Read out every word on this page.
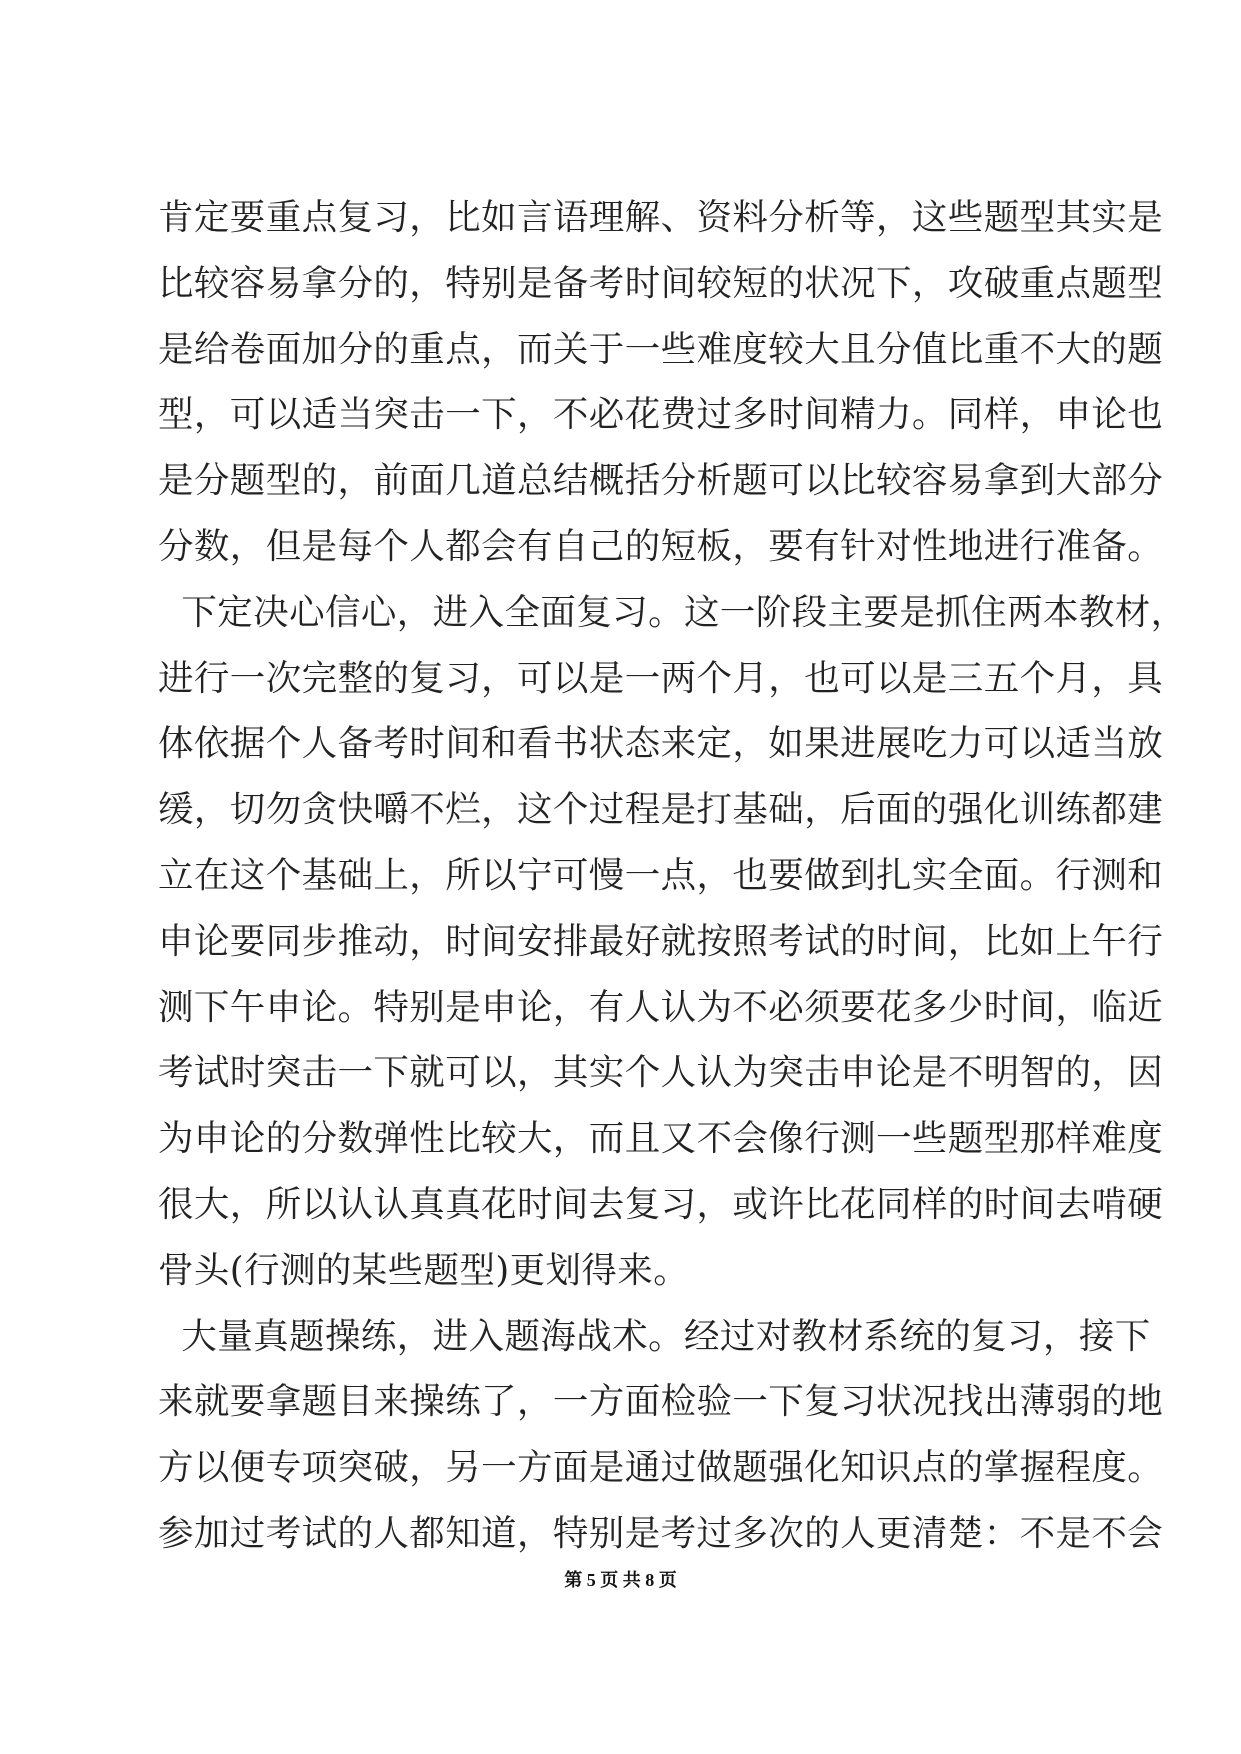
肯定要重点复习，比如言语理解、资料分析等，这些题型其实是
比较容易拿分的，特别是备考时间较短的状况下，攻破重点题型
是给卷面加分的重点，而关于一些难度较大且分值比重不大的题
型，可以适当突击一下，不必花费过多时间精力。同样，申论也
是分题型的，前面几道总结概括分析题可以比较容易拿到大部分
分数，但是每个人都会有自己的短板，要有针对性地进行准备。
下定决心信心，进入全面复习。这一阶段主要是抓住两本教材，
进行一次完整的复习，可以是一两个月，也可以是三五个月，具
体依据个人备考时间和看书状态来定，如果进展吃力可以适当放
缓，切勿贪快嚼不烂，这个过程是打基础，后面的强化训练都建
立在这个基础上，所以宁可慢一点，也要做到扎实全面。行测和
申论要同步推动，时间安排最好就按照考试的时间，比如上午行
测下午申论。特别是申论，有人认为不必须要花多少时间，临近
考试时突击一下就可以，其实个人认为突击申论是不明智的，因
为申论的分数弹性比较大，而且又不会像行测一些题型那样难度
很大，所以认认真真花时间去复习，或许比花同样的时间去啃硬
骨头(行测的某些题型)更划得来。
大量真题操练，进入题海战术。经过对教材系统的复习，接下
来就要拿题目来操练了，一方面检验一下复习状况找出薄弱的地
方以便专项突破，另一方面是通过做题强化知识点的掌握程度。
参加过考试的人都知道，特别是考过多次的人更清楚：不是不会
第 5 页 共 8 页
